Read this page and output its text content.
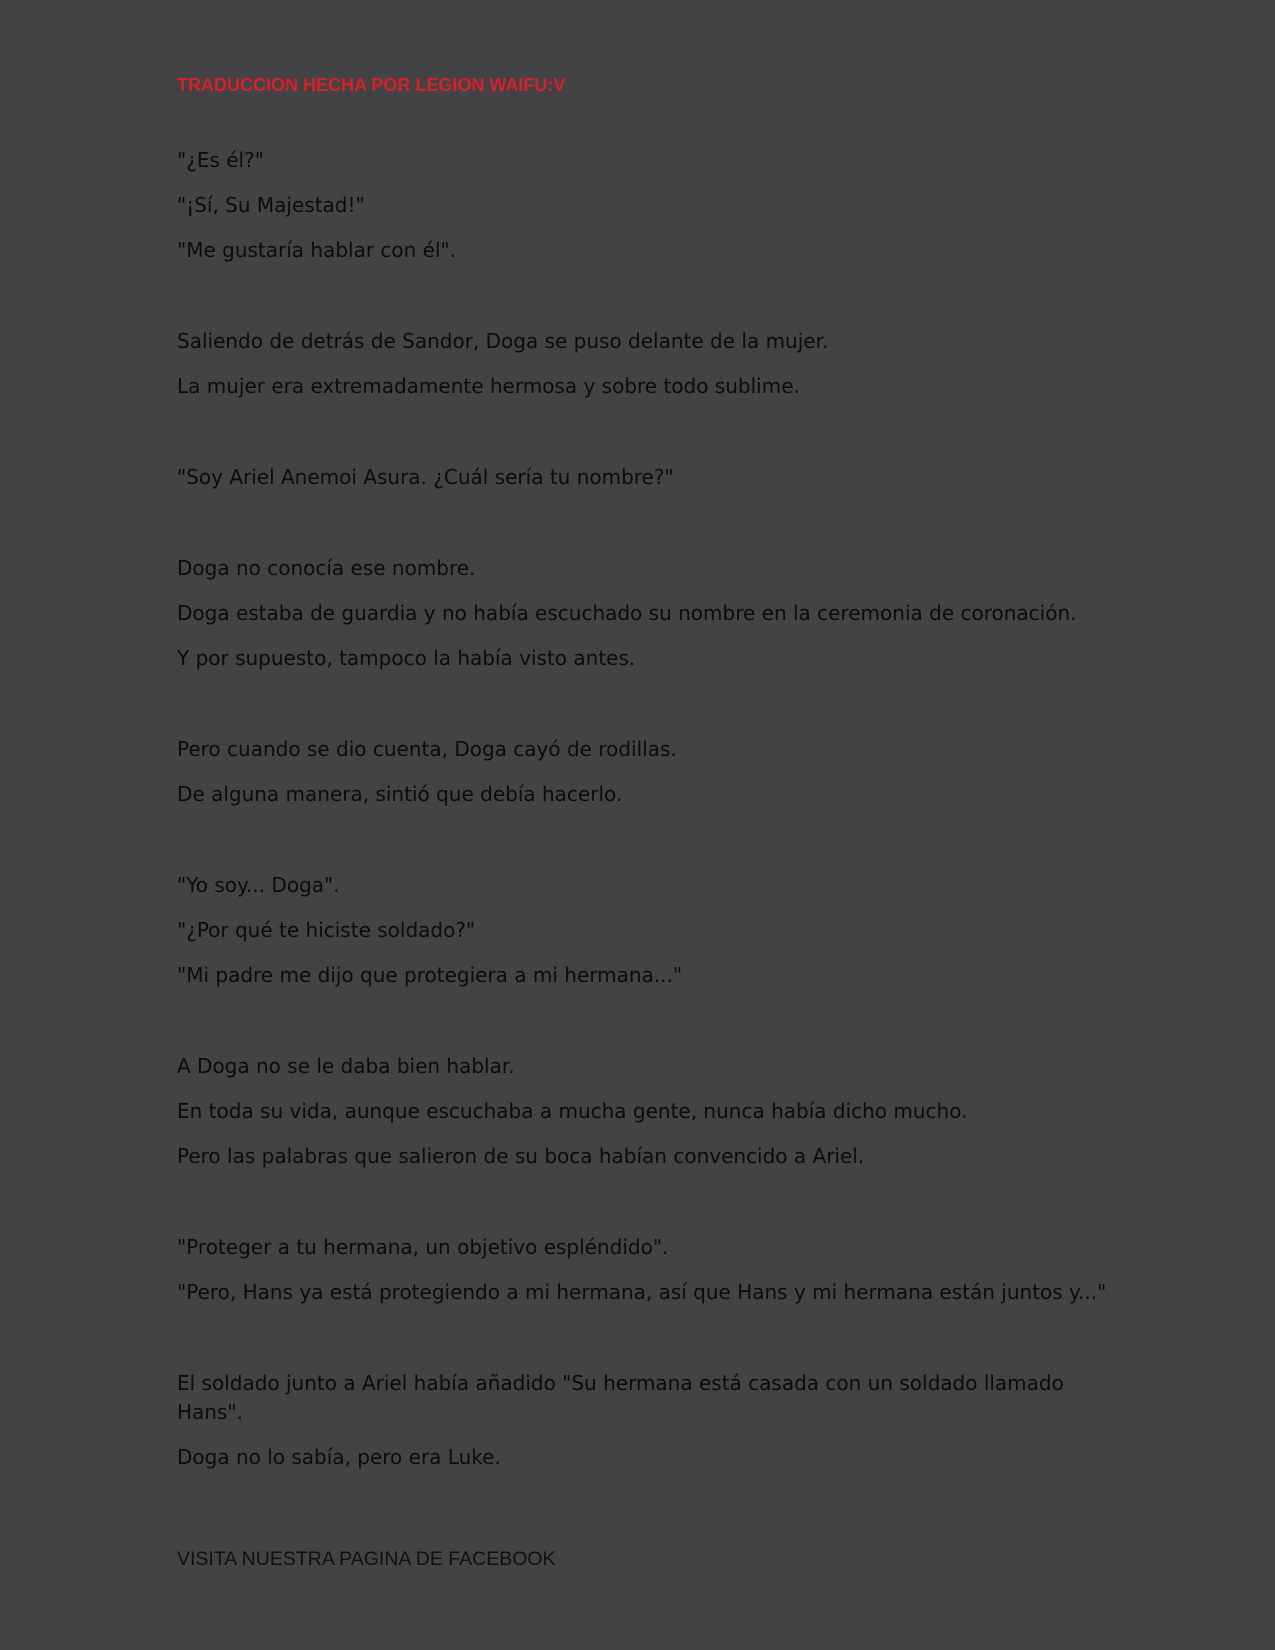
TRADUCCION HECHA POR LEGION WAIFU:V

"¿Es él?"

"¡Sí, Su Majestad!"

"Me gustaría hablar con él".

Saliendo de detrás de Sandor, Doga se puso delante de la mujer.

La mujer era extremadamente hermosa y sobre todo sublime.

"Soy Ariel Anemoi Asura. ¿Cuál sería tu nombre?"

Doga no conocía ese nombre.

Doga estaba de guardia y no había escuchado su nombre en la ceremonia de coronación.

Y por supuesto, tampoco la había visto antes.

Pero cuando se dio cuenta, Doga cayó de rodillas.

De alguna manera, sintió que debía hacerlo.

"Yo soy... Doga".

"¿Por qué te hiciste soldado?"

"Mi padre me dijo que protegiera a mi hermana..."

A Doga no se le daba bien hablar.

En toda su vida, aunque escuchaba a mucha gente, nunca había dicho mucho.

Pero las palabras que salieron de su boca habían convencido a Ariel.

"Proteger a tu hermana, un objetivo espléndido".

"Pero, Hans ya está protegiendo a mi hermana, así que Hans y mi hermana están juntos y..."

El soldado junto a Ariel había añadido "Su hermana está casada con un soldado llamado Hans".

Doga no lo sabía, pero era Luke.

VISITA NUESTRA PAGINA DE FACEBOOK
